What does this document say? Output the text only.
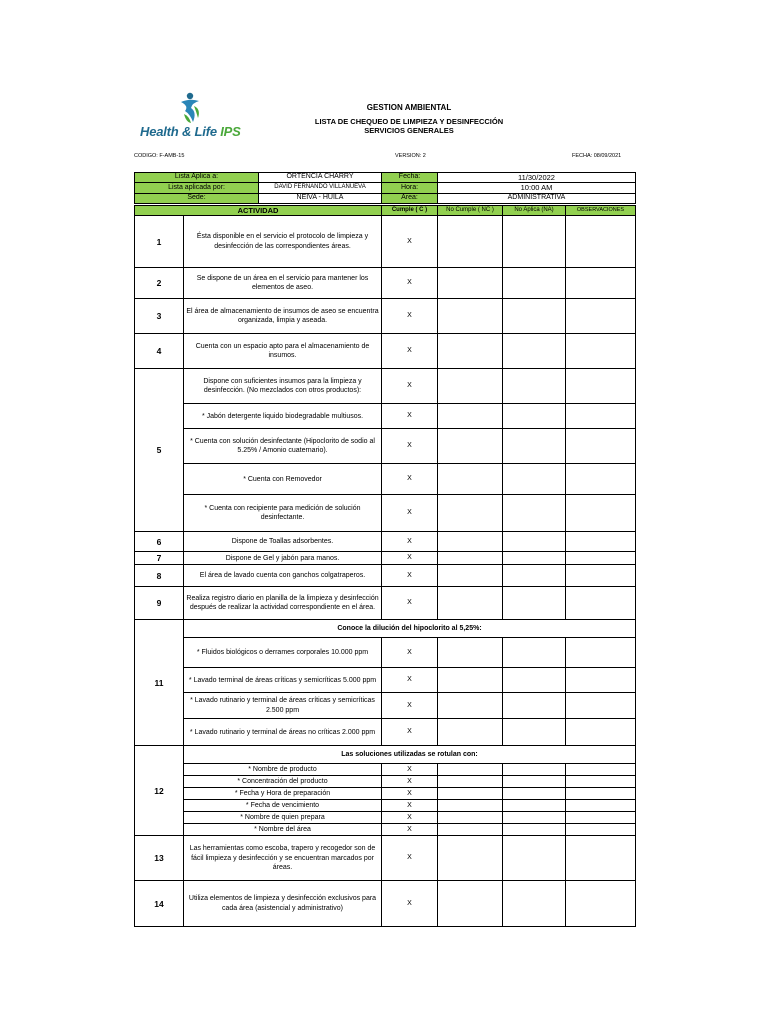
Health & Life IPS
GESTION AMBIENTAL
LISTA DE CHEQUEO DE LIMPIEZA Y DESINFECCIÓN
SERVICIOS GENERALES
CODIGO: F-AMB-15	VERSION: 2	FECHA: 08/09/2021
Lista Aplica a:	ORTENCIA CHARRY	Fecha:	11/30/2022
Lista aplicada por:	DAVID FERNANDO VILLANUEVA	Hora:	10:00 AM
Sede:	NEIVA - HUILA	Área:	ADMINISTRATIVA
ACTIVIDAD		Cumple ( C )	No Cumple ( NC )	No Aplica (NA)	OBSERVACIONES
1	Ésta disponible en el servicio el protocolo de limpieza y desinfección de las correspondientes áreas.	X			
2	Se dispone de un área en el servicio para mantener los elementos de aseo.	X			
3	El área de almacenamiento de insumos de aseo se encuentra organizada, limpia y aseada.	X			
4	Cuenta con un espacio apto para el almacenamiento de insumos.	X			
5	Dispone con suficientes insumos para la limpieza y desinfección. (No mezclados con otros productos):	X			
	* Jabón detergente liquido biodegradable multiusos.	X			
	* Cuenta con solución desinfectante (Hipoclorito de sodio al 5.25% / Amonio cuaternario).	X			
	* Cuenta con Removedor	X			
	* Cuenta con recipiente para medición de solución desinfectante.	X			
6	Dispone de Toallas adsorbentes.	X			
7	Dispone de Gel y jabón para manos.	X			
8	El área de lavado cuenta con ganchos colgatraperos.	X			
9	Realiza registro diario en planilla de la limpieza y desinfección después de realizar la actividad correspondiente en el área.	X			
11	Conoce la dilución del hipoclorito al 5,25%:				
	* Fluidos biológicos o derrames corporales 10.000 ppm	X			
	* Lavado terminal de áreas críticas y semicríticas 5.000 ppm	X			
	* Lavado rutinario y terminal de áreas críticas y semicríticas 2.500 ppm	X			
	* Lavado rutinario y terminal de áreas no críticas 2.000 ppm	X			
12	Las soluciones utilizadas se rotulan con:				
	* Nombre de producto	X			
	* Concentración del producto	X			
	* Fecha y Hora de preparación	X			
	* Fecha de vencimiento	X			
	* Nombre de quien prepara	X			
	* Nombre del área	X			
13	Las herramientas como escoba, trapero y recogedor son de fácil limpieza y desinfección y se encuentran marcados por áreas.	X			
14	Utiliza elementos de limpieza y desinfección exclusivos para cada área (asistencial y administrativo)	X			
